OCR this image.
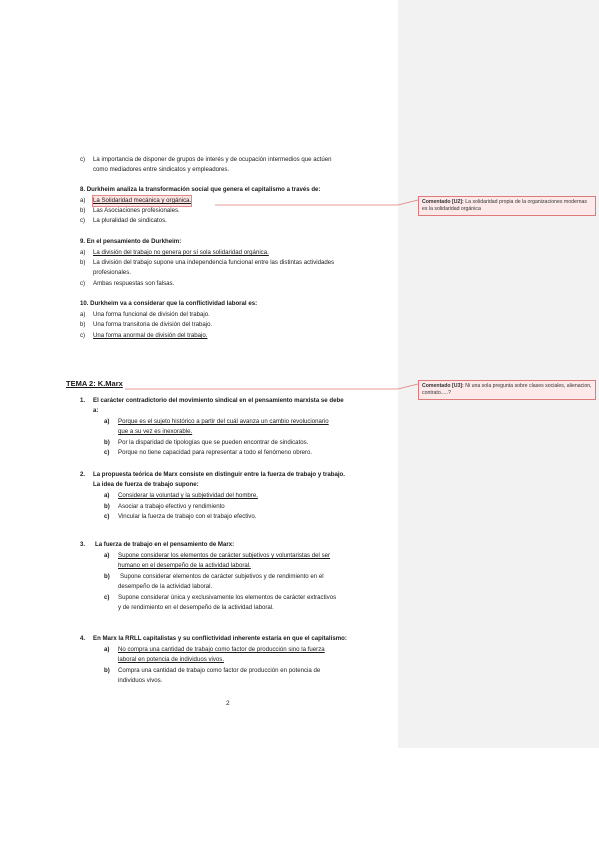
c) La importancia de disponer de grupos de interés y de ocupación intermedios que actúen
como mediadores entre sindicatos y empleadores.
8. Durkheim analiza la transformación social que genera el capitalismo a través de:
a) La Solidaridad mecánica y orgánica.
b) Las Asociaciones profesionales.
c) La pluralidad de sindicatos.
9. En el pensamiento de Durkheim:
a) La división del trabajo no genera por sí sola solidaridad orgánica.
b) La división del trabajo supone una independencia funcional entre las distintas actividades
profesionales.
c) Ambas respuestas son falsas.
10. Durkheim va a considerar que la conflictividad laboral es:
a) Una forma funcional de división del trabajo.
b) Una forma transitoria de división del trabajo.
c) Una forma anormal de división del trabajo.
TEMA 2: K.Marx
1. El carácter contradictorio del movimiento sindical en el pensamiento marxista se debe
a:
a) Porque es el sujeto histórico a partir del cuál avanza un cambio revolucionario
que a su vez es inexorable.
b) Por la disparidad de tipologías que se pueden encontrar de sindicatos.
c) Porque no tiene capacidad para representar a todo el fenómeno obrero.
2. La propuesta teórica de Marx consiste en distinguir entre la fuerza de trabajo y trabajo.
La idea de fuerza de trabajo supone:
a) Considerar la voluntad y la subjetividad del hombre.
b) Asociar a trabajo efectivo y rendimiento
c) Vincular la fuerza de trabajo con el trabajo efectivo.
3. La fuerza de trabajo en el pensamiento de Marx:
a) Supone considerar los elementos de carácter subjetivos y voluntaristas del ser
humano en el desempeño de la actividad laboral.
b) Supone considerar elementos de carácter subjetivos y de rendimiento en el
desempeño de la actividad laboral.
c) Supone considerar única y exclusivamente los elementos de carácter extractivos
y de rendimiento en el desempeño de la actividad laboral.
4. En Marx la RRLL capitalistas y su conflictividad inherente estaría en que el capitalismo:
a) No compra una cantidad de trabajo como factor de producción sino la fuerza
laboral en potencia de individuos vivos.
b) Compra una cantidad de trabajo como factor de producción en potencia de
individuos vivos.
2
Comentado [U2]: La solidaridad propia de la organizaciones modernas es la solidaridad orgánica
Comentado [U3]: Ni una sola pregunta sobre clases sociales, alienacion, contrato.....?
